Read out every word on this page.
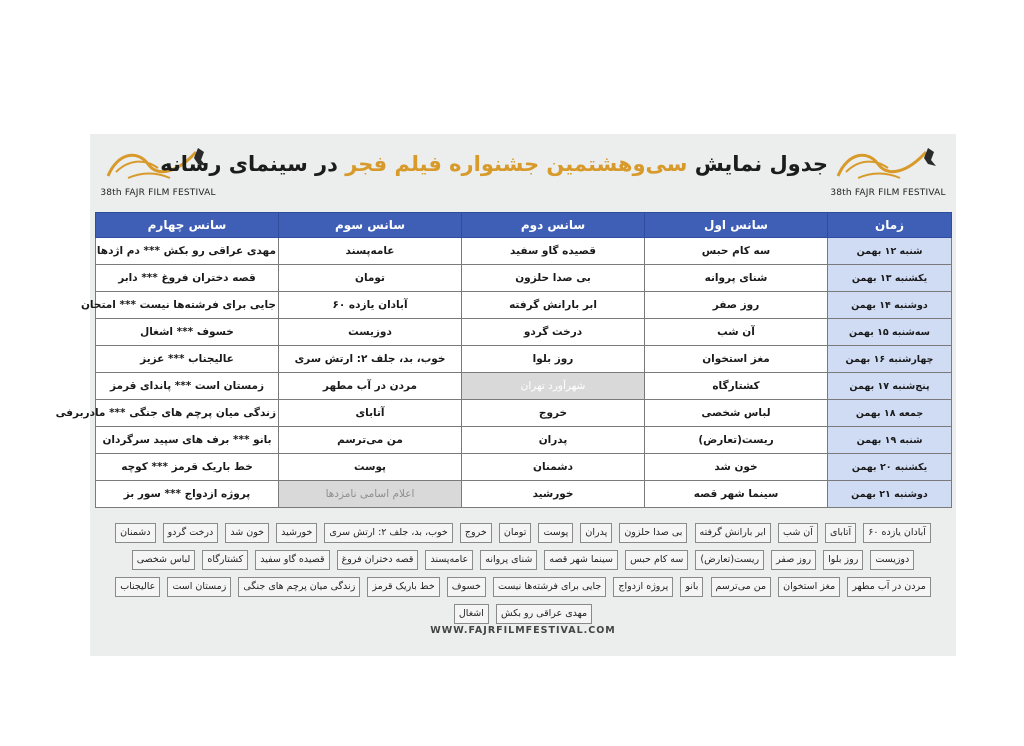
38th FAJR FILM FESTIVAL
جدول نمایش سی‌و‌هشتمین جشنواره فیلم فجر در سینمای رسانه
38th FAJR FILM FESTIVAL
زمان	سانس اول	سانس دوم	سانس سوم	سانس چهارم
شنبه ۱۲ بهمن	سه کام حبس	قصیده گاو سفید	عامه‌پسند	مهدی عراقی رو بکش *** دم اژدها
یکشنبه ۱۳ بهمن	شنای پروانه	بی صدا حلزون	تومان	قصه دختران فروغ *** دابر
دوشنبه ۱۴ بهمن	روز صفر	ابر بارانش گرفته	آبادان یازده ۶۰	جایی برای فرشته‌ها نیست *** امتحان
سه‌شنبه ۱۵ بهمن	آن شب	درخت گردو	دوزیست	خسوف *** اشغال
چهارشنبه ۱۶ بهمن	مغز استخوان	روز بلوا	خوب، بد، جلف ۲: ارتش سری	عالیجناب *** عزیز
پنج‌شنبه ۱۷ بهمن	کشتارگاه	شهرآورد تهران	مردن در آب مطهر	زمستان است *** پاندای قرمز
جمعه ۱۸ بهمن	لباس شخصی	خروج	آتابای	زندگی میان پرچم های جنگی *** مادربرفی
شنبه ۱۹ بهمن	ریست(تعارض)	پدران	من می‌ترسم	بانو *** برف های سپید سرگردان
یکشنبه ۲۰ بهمن	خون شد	دشمنان	پوست	خط باریک قرمز *** کوچه
دوشنبه ۲۱ بهمن	سینما شهر قصه	خورشید	اعلام اسامی نامزدها	پروژه ازدواج *** سور بز
آبادان یازده ۶۰ آتابای آن شب ابر بارانش گرفته بی صدا حلزون پدران پوست تومان خروج خوب، بد، جلف ۲: ارتش سری خورشید خون شد درخت گردو دشمنان
دوزیست روز بلوا روز صفر ریست(تعارض) سه کام حبس سینما شهر قصه شنای پروانه عامه‌پسند قصه دختران فروغ قصیده گاو سفید کشتارگاه لباس شخصی
مردن در آب مطهر مغز استخوان من می‌ترسم بانو پروژه ازدواج جایی برای فرشته‌ها نیست خسوف خط باریک قرمز زندگی میان پرچم های جنگی زمستان است عالیجناب
مهدی عراقی رو بکش اشغال
WWW.FAJRFILMFESTIVAL.COM
